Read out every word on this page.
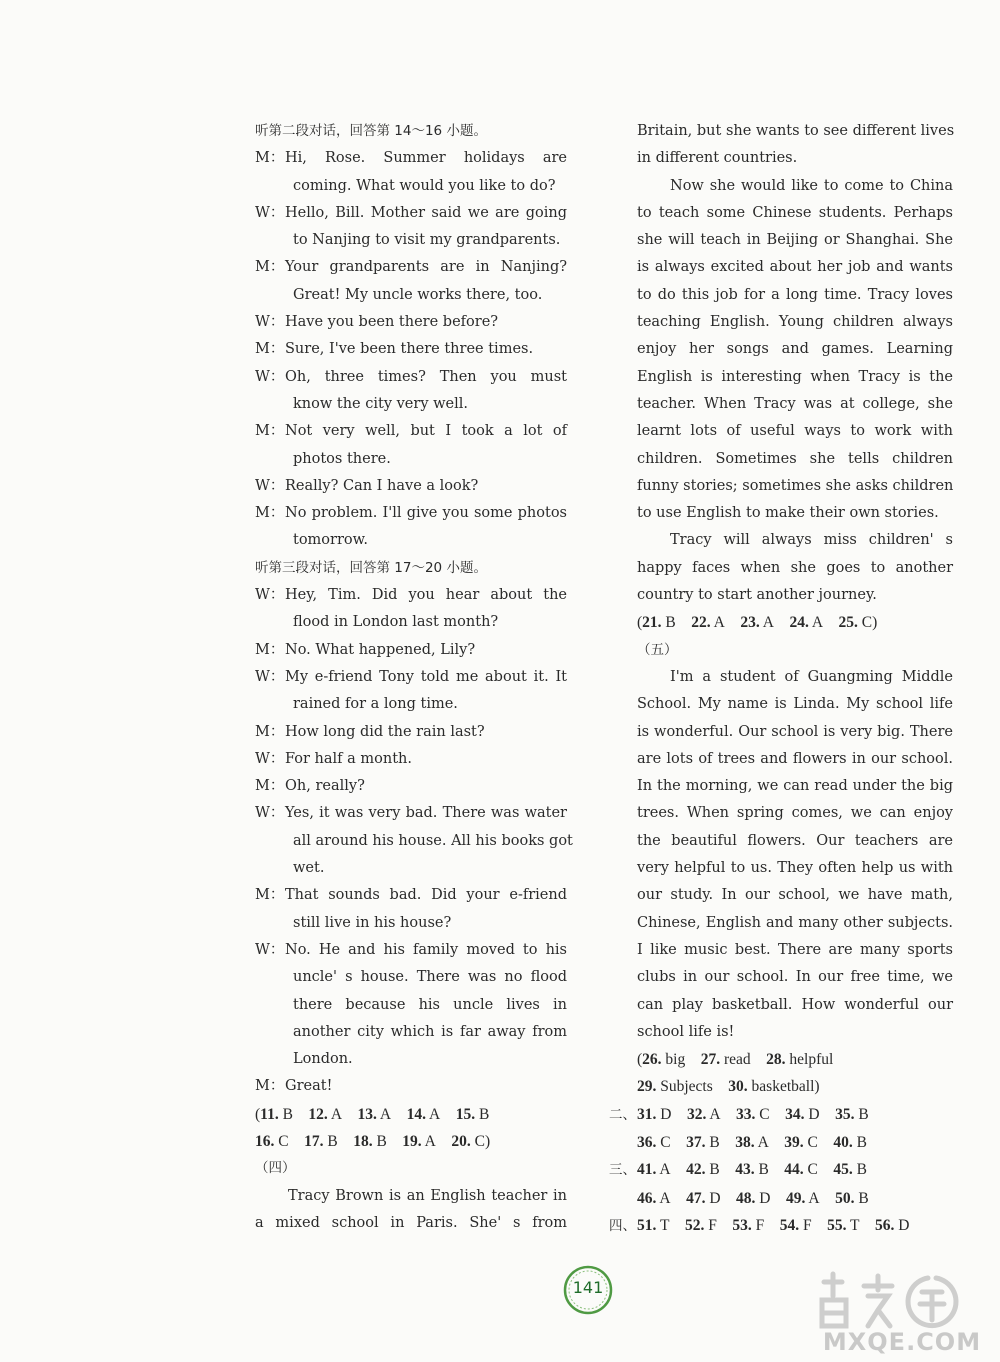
听第二段对话，回答第 14～16 小题。
M： Hi, Rose. Summer holidays are
coming. What would you like to do?
W： Hello, Bill. Mother said we are going
to Nanjing to visit my grandparents.
M： Your grandparents are in Nanjing?
Great! My uncle works there, too.
W： Have you been there before?
M： Sure, I've been there three times.
W： Oh, three times? Then you must
know the city very well.
M： Not very well, but I took a lot of
photos there.
W： Really? Can I have a look?
M： No problem. I'll give you some photos
tomorrow.
听第三段对话，回答第 17～20 小题。
W： Hey, Tim. Did you hear about the
flood in London last month?
M： No. What happened, Lily?
W： My e-friend Tony told me about it. It
rained for a long time.
M： How long did the rain last?
W： For half a month.
M： Oh, really?
W： Yes, it was very bad. There was water
all around his house. All his books got
wet.
M： That sounds bad. Did your e-friend
still live in his house?
W： No. He and his family moved to his
uncle' s house. There was no flood
there because his uncle lives in
another city which is far away from
London.
M： Great!
(11. B  12. A  13. A  14. A  15. B
16. C  17. B  18. B  19. A  20. C)
（四）
Tracy Brown is an English teacher in
a mixed school in Paris. She' s from
Britain, but she wants to see different lives
in different countries.
Now she would like to come to China
to teach some Chinese students. Perhaps
she will teach in Beijing or Shanghai. She
is always excited about her job and wants
to do this job for a long time. Tracy loves
teaching English. Young children always
enjoy her songs and games. Learning
English is interesting when Tracy is the
teacher. When Tracy was at college, she
learnt lots of useful ways to work with
children. Sometimes she tells children
funny stories; sometimes she asks children
to use English to make their own stories.
Tracy will always miss children' s
happy faces when she goes to another
country to start another journey.
(21. B  22. A  23. A  24. A  25. C)
（五）
I'm a student of Guangming Middle
School. My name is Linda. My school life
is wonderful. Our school is very big. There
are lots of trees and flowers in our school.
In the morning, we can read under the big
trees. When spring comes, we can enjoy
the beautiful flowers. Our teachers are
very helpful to us. They often help us with
our study. In our school, we have math,
Chinese, English and many other subjects.
I like music best. There are many sports
clubs in our school. In our free time, we
can play basketball. How wonderful our
school life is!
(26. big  27. read  28. helpful
29. Subjects  30. basketball)
二、31. D  32. A  33. C  34. D  35. B
36. C  37. B  38. A  39. C  40. B
三、41. A  42. B  43. B  44. C  45. B
46. A  47. D  48. D  49. A  50. B
四、51. T  52. F  53. F  54. F  55. T  56. D
141
MXQE.COM
